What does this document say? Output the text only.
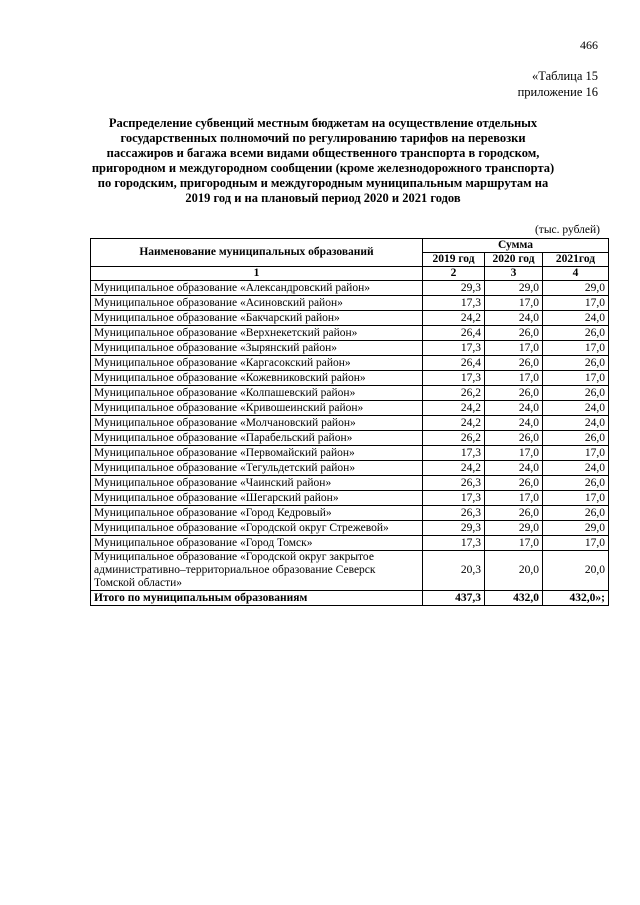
466
«Таблица 15
приложение 16
Распределение субвенций местным бюджетам на осуществление отдельных государственных полномочий по регулированию тарифов на перевозки пассажиров и багажа всеми видами общественного транспорта в городском, пригородном и междугородном сообщении (кроме железнодорожного транспорта) по городским, пригородным и междугородным муниципальным маршрутам на 2019 год и на плановый период 2020 и 2021 годов
(тыс. рублей)
Наименование муниципальных образований	Сумма		
	2019 год	2020 год	2021год
1	2	3	4
Муниципальное образование «Александровский район»	29,3	29,0	29,0
Муниципальное образование «Асиновский район»	17,3	17,0	17,0
Муниципальное образование «Бакчарский район»	24,2	24,0	24,0
Муниципальное образование «Верхнекетский район»	26,4	26,0	26,0
Муниципальное образование «Зырянский район»	17,3	17,0	17,0
Муниципальное образование «Каргасокский район»	26,4	26,0	26,0
Муниципальное образование «Кожевниковский район»	17,3	17,0	17,0
Муниципальное образование «Колпашевский район»	26,2	26,0	26,0
Муниципальное образование «Кривошеинский район»	24,2	24,0	24,0
Муниципальное образование «Молчановский район»	24,2	24,0	24,0
Муниципальное образование «Парабельский район»	26,2	26,0	26,0
Муниципальное образование «Первомайский район»	17,3	17,0	17,0
Муниципальное образование «Тегульдетский район»	24,2	24,0	24,0
Муниципальное образование «Чаинский район»	26,3	26,0	26,0
Муниципальное образование «Шегарский район»	17,3	17,0	17,0
Муниципальное образование «Город Кедровый»	26,3	26,0	26,0
Муниципальное образование «Городской округ Стрежевой»	29,3	29,0	29,0
Муниципальное образование «Город Томск»	17,3	17,0	17,0
Муниципальное образование «Городской округ закрытое административно–территориальное образование Северск Томской области»	20,3	20,0	20,0
Итого по муниципальным образованиям	437,3	432,0	432,0»;
